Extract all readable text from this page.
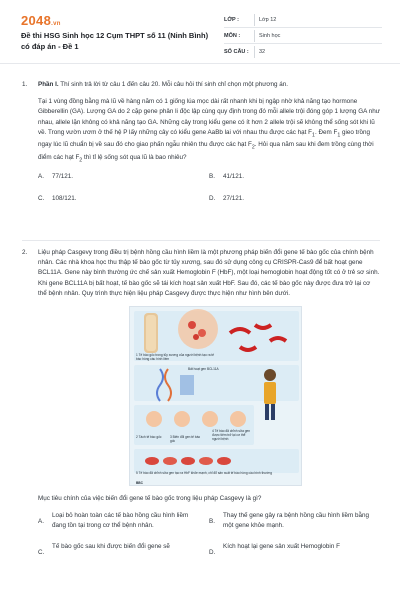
2048.vn
Đề thi HSG Sinh học 12 Cụm THPT số 11 (Ninh Bình) có đáp án - Đề 1
LỚP :	Lớp 12
MÔN :	Sinh học
SỐ CÂU :	32
1.	Phần I. Thí sinh trả lời từ câu 1 đến câu 20. Mỗi câu hỏi thí sinh chỉ chọn một phương án.

Tại 1 vùng đồng bằng mà lũ về hàng năm có 1 giống lúa mọc dài rất nhanh khi bị ngập nhờ khả năng tạo hormone Gibberellin (GA). Lượng GA do 2 cặp gene phân li độc lập cùng quy định trong đó mỗi allele trội đóng góp 1 lượng GA như nhau, allele lặn không có khả năng tạo GA. Những cây trong kiểu gene có ít hơn 2 allele trội sẽ không thể sống sót khi lũ về. Trong vườn ươm ở thế hệ P lấy những cây có kiểu gene AaBb lai với nhau thu được các hạt $F_1$. Đem $F_1$ gieo trồng ngay lúc lũ chuẩn bị về sau đó cho giao phấn ngẫu nhiên thu được các hạt $F_2$. Hỏi qua năm sau khi đem trồng cùng thời điểm các hạt $F_2$ thì tỉ lệ sống sót qua lũ là bao nhiêu?

A.	77/121.	B.	41/121.
C.	108/121.	D.	27/121.
2.	Liệu pháp Casgevy trong điều trị bệnh hồng cầu hình liềm là một phương pháp biến đổi gene tế bào gốc của chính bệnh nhân. Các nhà khoa học thu thập tế bào gốc từ tủy xương, sau đó sử dụng công cụ CRISPR-Cas9 để bất hoạt gene BCL11A. Gene này bình thường ức chế sản xuất Hemoglobin F (HbF), một loại hemoglobin hoạt động tốt có ở trẻ sơ sinh. Khi gene BCL11A bị bất hoạt, tế bào gốc sẽ tái kích hoạt sản xuất HbF. Sau đó, các tế bào gốc này được đưa trở lại cơ thể bệnh nhân. Quy trình thực hiện liệu pháp Casgevy được thực hiện như hình bên dưới.

1 Tế bào gốc trong tủy xương của người bệnh tạo ra tế bào hồng cầu hình liềm
Bất hoạt gen BCL11A
2 Tách tế bào gốc	3 Biến đổi gen tế bào gốc
4 Tế bào đã chỉnh sửa gen được tiêm trở lại cơ thể người bệnh
5 Tế bào đã chỉnh sửa gen tạo ra HbF khỏe mạnh, chỉ đổ sản xuất tế bào hồng cầu bình thường
BBC

Mục tiêu chính của việc biến đổi gene tế bào gốc trong liệu pháp Casgevy là gì?

A.
Loại bỏ hoàn toàn các tế bào hồng cầu hình liềm đang tồn tại trong cơ thể bệnh nhân.
B.
Thay thế gene gây ra bệnh hồng cầu hình liềm bằng một gene khỏe mạnh.
C.
Tế bào gốc sau khi được biến đổi gene sẽ
D.
Kích hoạt lại gene sản xuất Hemoglobin F
